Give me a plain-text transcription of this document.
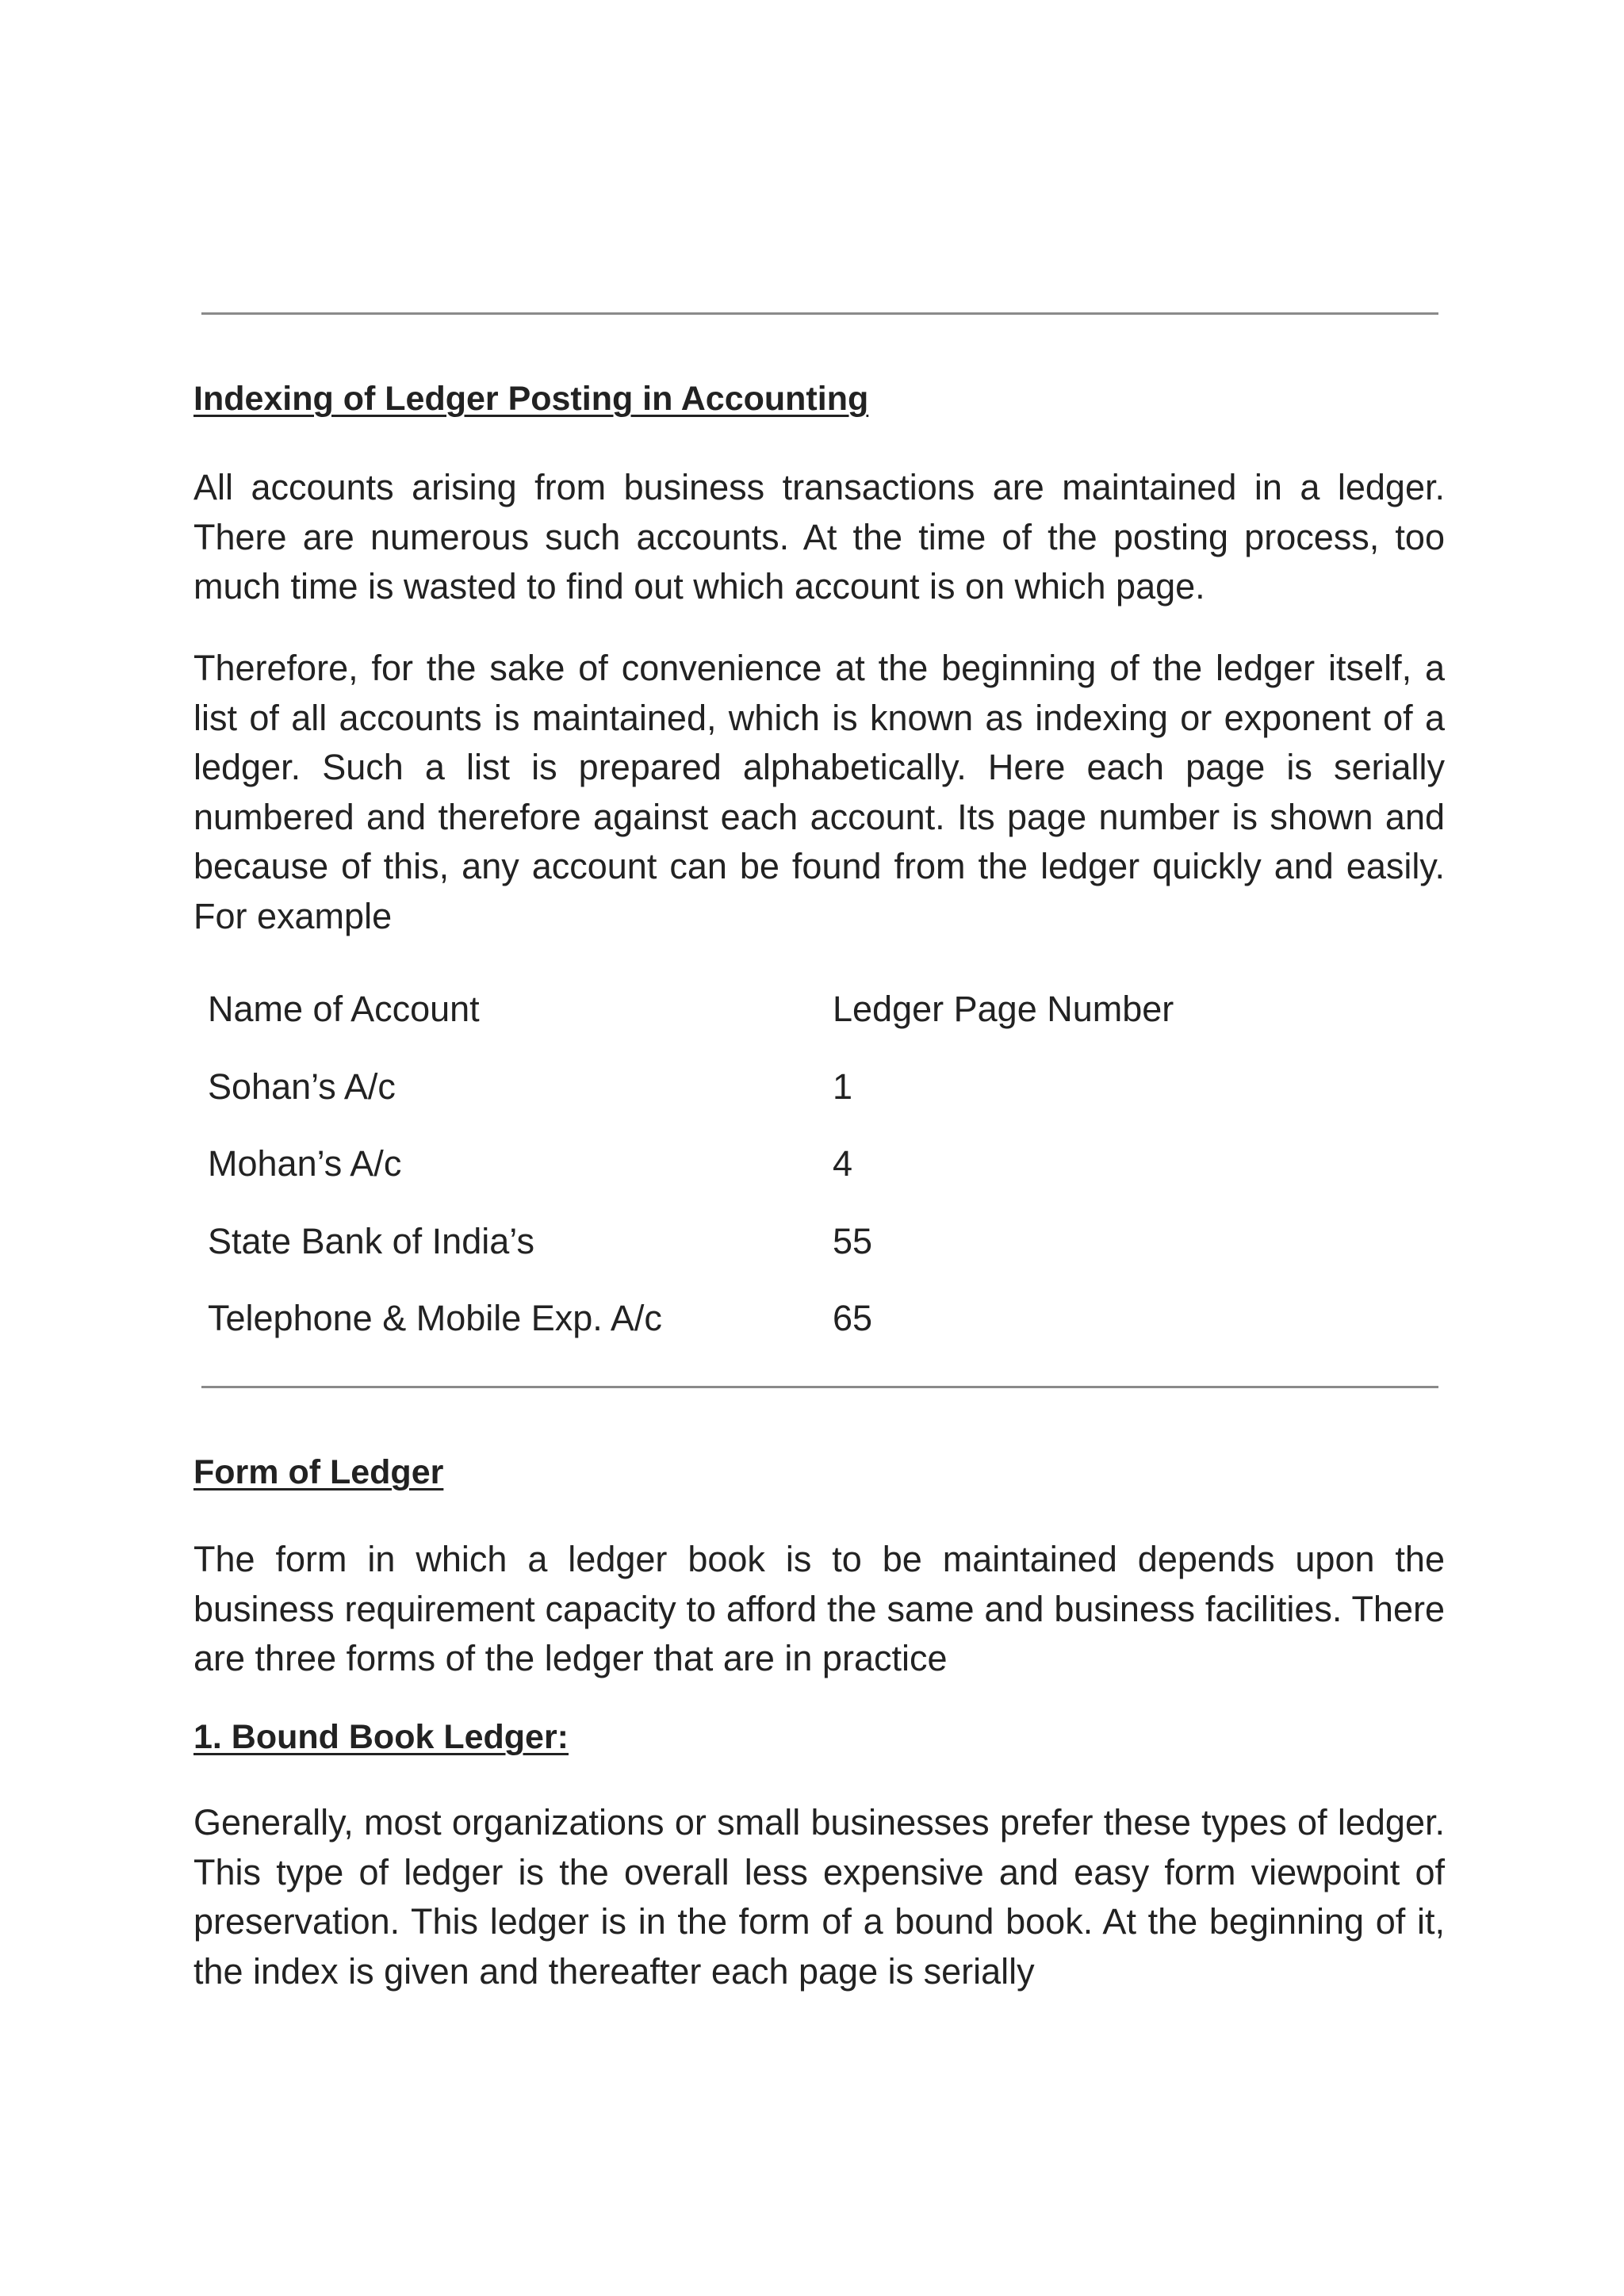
Indexing of Ledger Posting in Accounting

All accounts arising from business transactions are maintained in a ledger. There are numerous such accounts. At the time of the posting process, too much time is wasted to find out which account is on which page.

Therefore, for the sake of convenience at the beginning of the ledger itself, a list of all accounts is maintained, which is known as indexing or exponent of a ledger. Such a list is prepared alphabetically. Here each page is serially numbered and therefore against each account. Its page number is shown and because of this, any account can be found from the ledger quickly and easily. For example

Name of Account	Ledger Page Number
Sohan’s A/c	1
Mohan’s A/c	4
State Bank of India’s	55
Telephone & Mobile Exp. A/c	65
Form of Ledger

The form in which a ledger book is to be maintained depends upon the business requirement capacity to afford the same and business facilities. There are three forms of the ledger that are in practice

1. Bound Book Ledger:

Generally, most organizations or small businesses prefer these types of ledger. This type of ledger is the overall less expensive and easy form viewpoint of preservation. This ledger is in the form of a bound book. At the beginning of it, the index is given and thereafter each page is serially
